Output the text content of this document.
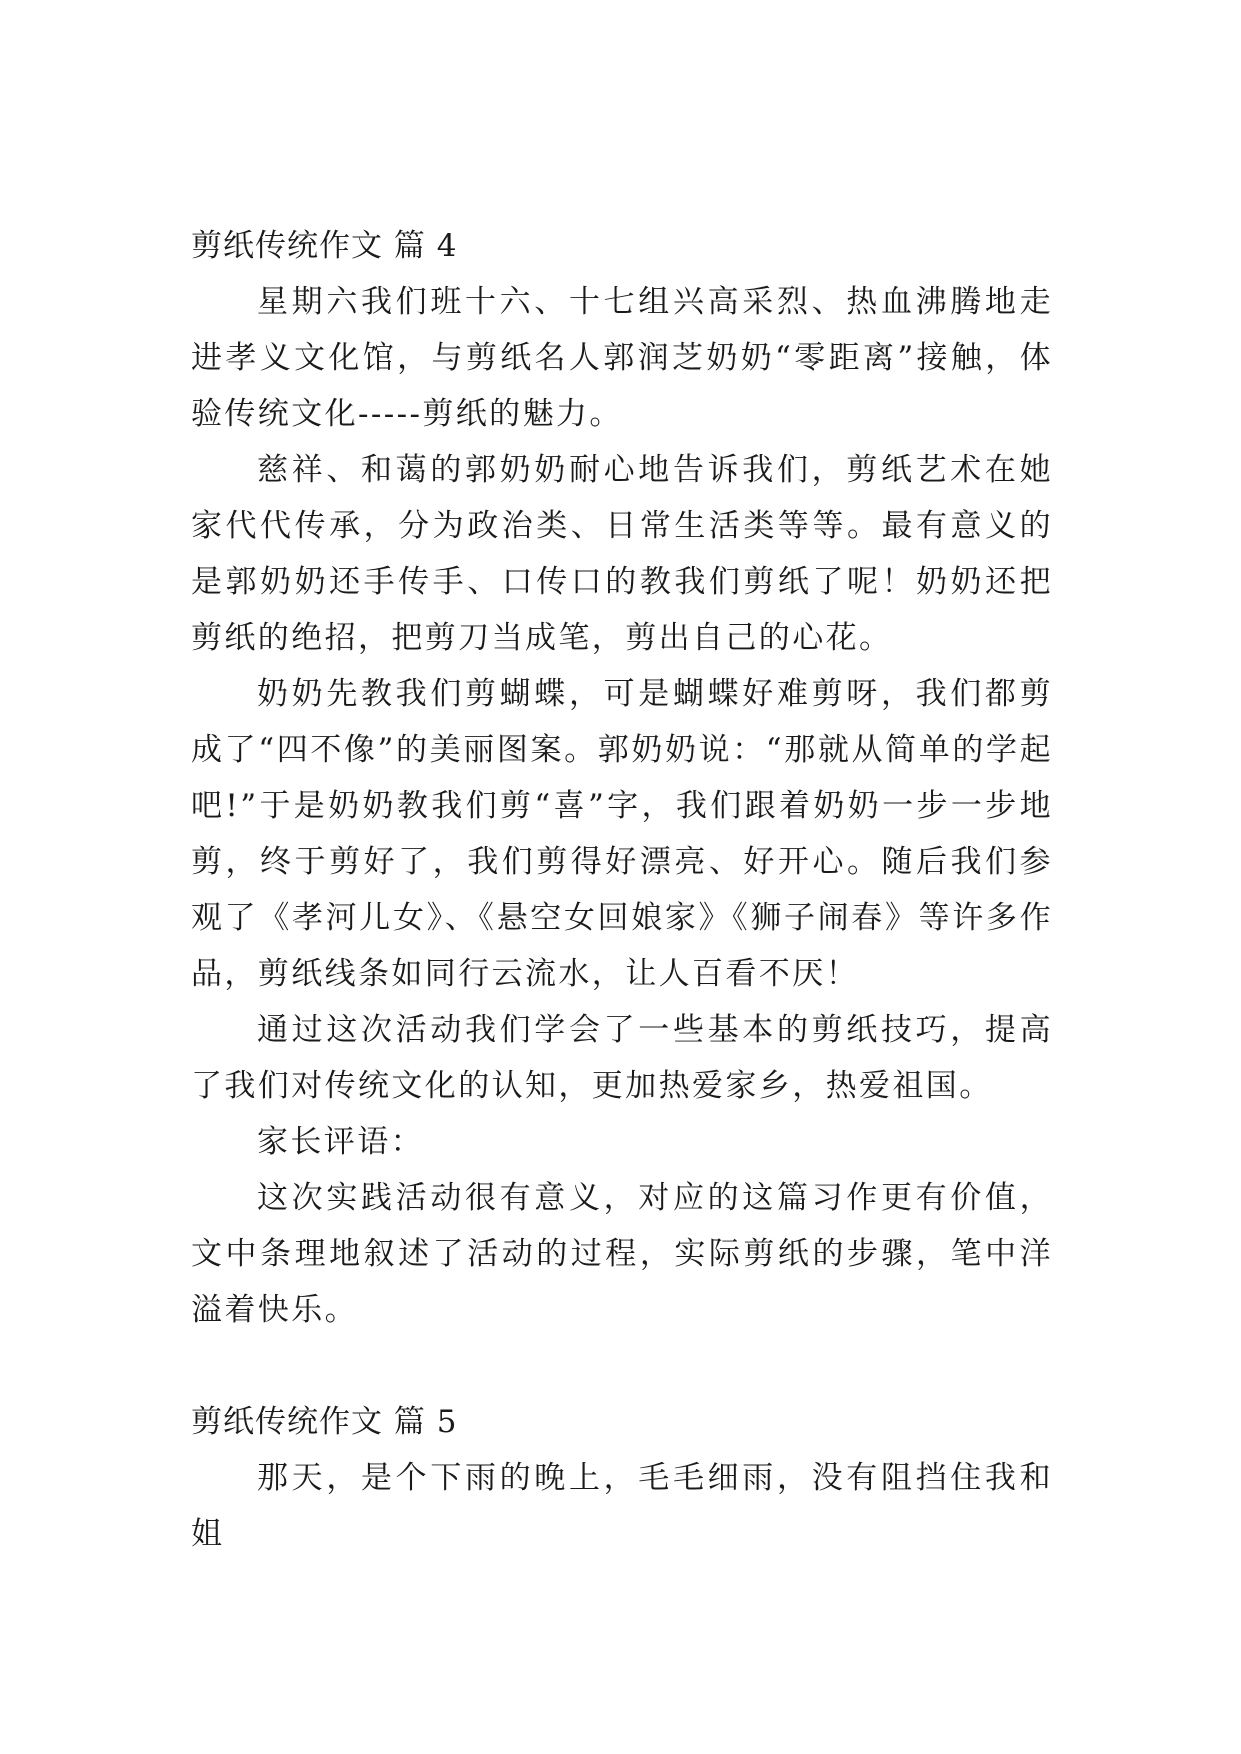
剪纸传统作文 篇 4

星期六我们班十六、十七组兴高采烈、热血沸腾地走进孝义文化馆，与剪纸名人郭润芝奶奶“零距离”接触，体验传统文化-----剪纸的魅力。

慈祥、和蔼的郭奶奶耐心地告诉我们，剪纸艺术在她家代代传承，分为政治类、日常生活类等等。最有意义的是郭奶奶还手传手、口传口的教我们剪纸了呢！奶奶还把剪纸的绝招，把剪刀当成笔，剪出自己的心花。

奶奶先教我们剪蝴蝶，可是蝴蝶好难剪呀，我们都剪成了“四不像”的美丽图案。郭奶奶说：“那就从简单的学起吧!”于是奶奶教我们剪“喜”字，我们跟着奶奶一步一步地剪，终于剪好了，我们剪得好漂亮、好开心。随后我们参观了《孝河儿女》、《悬空女回娘家》《狮子闹春》等许多作品，剪纸线条如同行云流水，让人百看不厌！

通过这次活动我们学会了一些基本的剪纸技巧，提高了我们对传统文化的认知，更加热爱家乡，热爱祖国。

家长评语：

这次实践活动很有意义，对应的这篇习作更有价值，文中条理地叙述了活动的过程，实际剪纸的步骤，笔中洋溢着快乐。

剪纸传统作文 篇 5

那天，是个下雨的晚上，毛毛细雨，没有阻挡住我和姐
